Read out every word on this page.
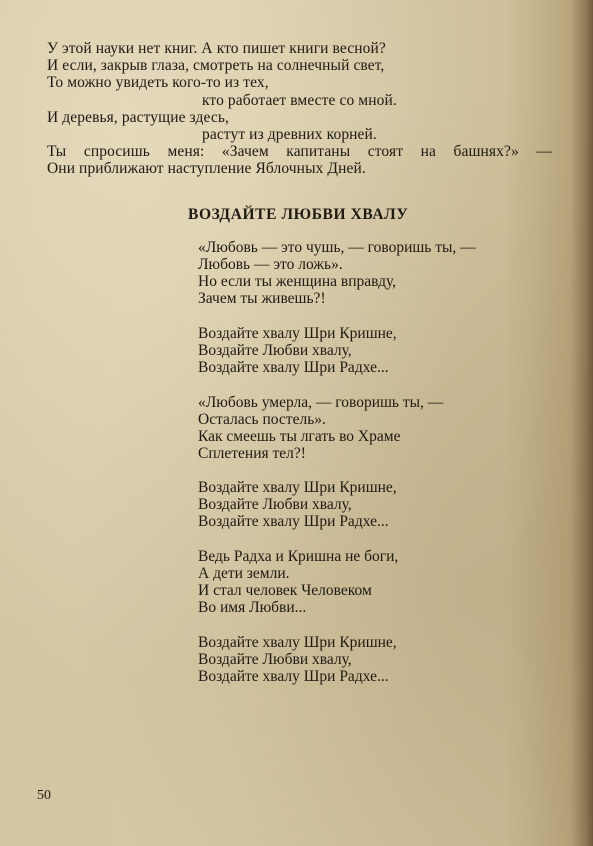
У этой науки нет книг. А кто пишет книги весной?
И если, закрыв глаза, смотреть на солнечный свет,
То можно увидеть кого-то из тех,
кто работает вместе со мной.
И деревья, растущие здесь,
растут из древних корней.
Ты спросишь меня: «Зачем капитаны стоят на башнях?» —
Они приближают наступление Яблочных Дней.
ВОЗДАЙТЕ ЛЮБВИ ХВАЛУ
«Любовь — это чушь, — говоришь ты, —
Любовь — это ложь».
Но если ты женщина вправду,
Зачем ты живешь?!
Воздайте хвалу Шри Кришне,
Воздайте Любви хвалу,
Воздайте хвалу Шри Радхе...
«Любовь умерла, — говоришь ты, —
Осталась постель».
Как смеешь ты лгать во Храме
Сплетения тел?!
Воздайте хвалу Шри Кришне,
Воздайте Любви хвалу,
Воздайте хвалу Шри Радхе...
Ведь Радха и Кришна не боги,
А дети земли.
И стал человек Человеком
Во имя Любви...
Воздайте хвалу Шри Кришне,
Воздайте Любви хвалу,
Воздайте хвалу Шри Радхе...
50
